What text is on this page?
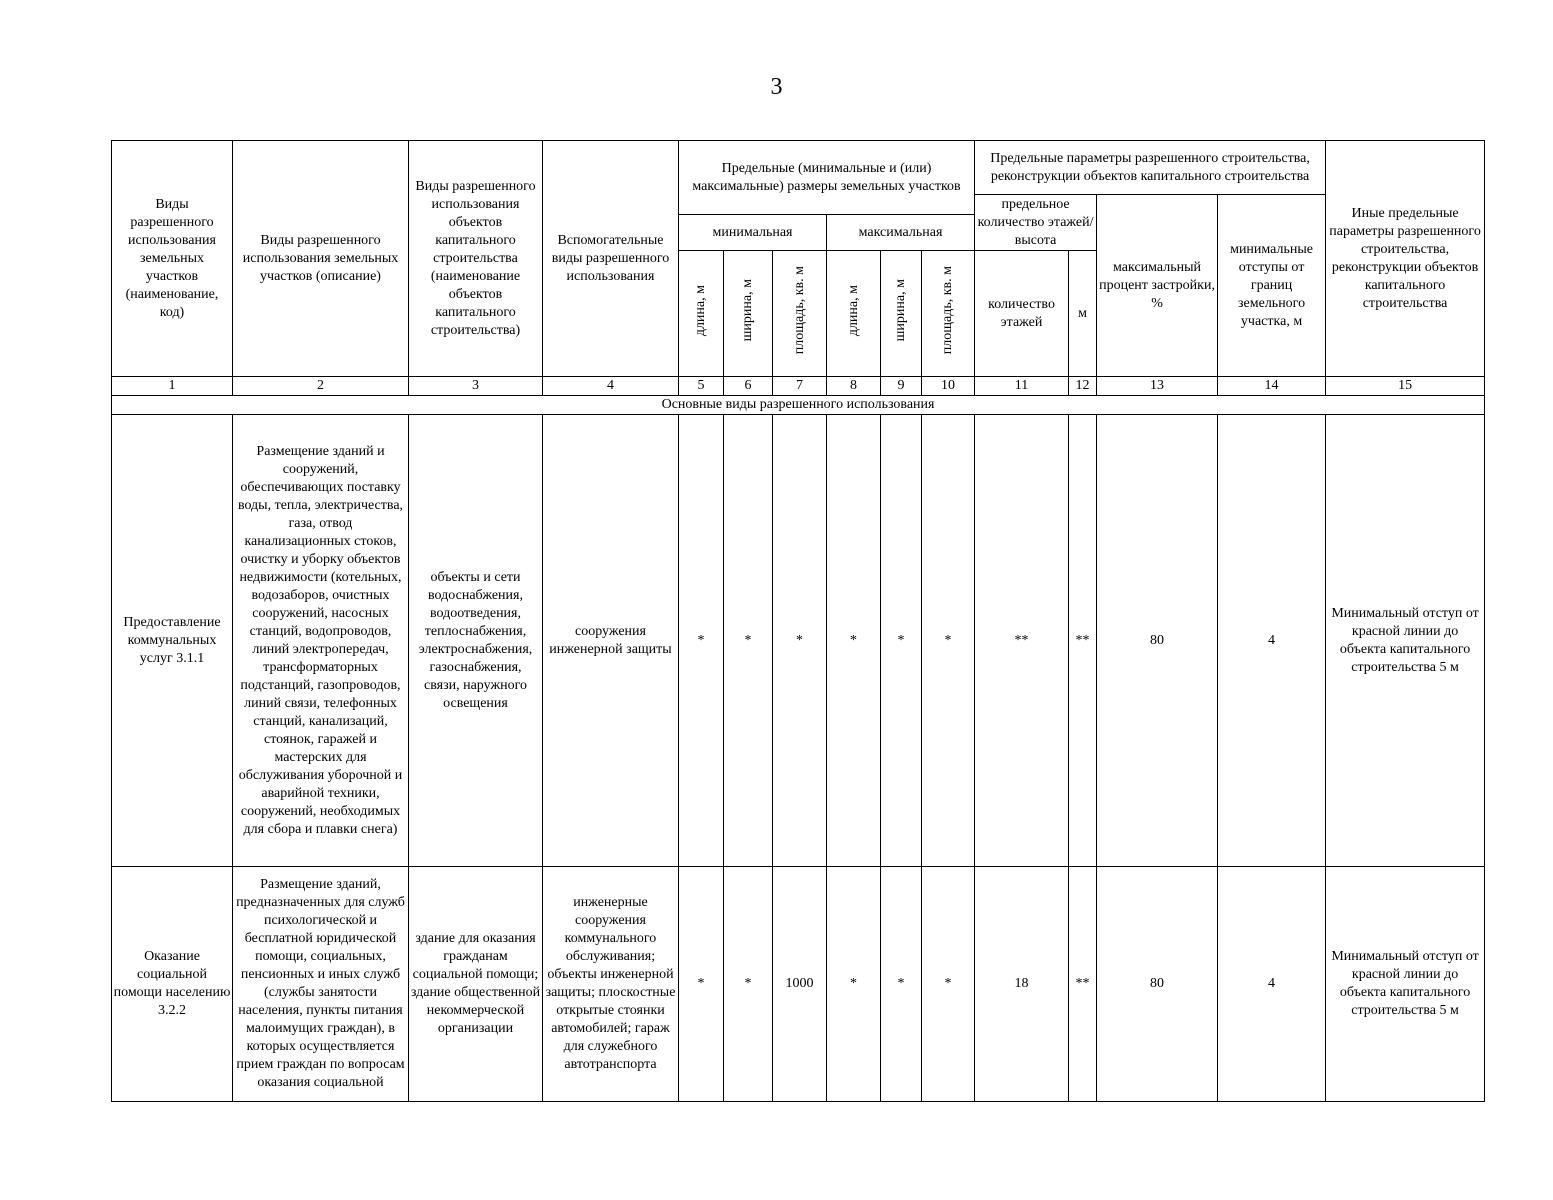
3
Виды разрешенного использования земельных участков (наименование, код)	Виды разрешенного использования земельных участков (описание)	Виды разрешенного использования объектов капитального строительства (наименование объектов капитального строительства)	Вспомогательные виды разрешенного использования	Предельные (минимальные и (или) максимальные) размеры земельных участков						Предельные параметры разрешенного строительства, реконструкции объектов капитального строительства				Иные предельные параметры разрешенного строительства, реконструкции объектов капитального строительства
										предельное количество этажей/высота		максимальный процент застройки, %	минимальные отступы от границ земельного участка, м	
				минимальная			максимальная							
				длина, м	ширина, м	площадь, кв. м	длина, м	ширина, м	площадь, кв. м	количество этажей	м			
1	2	3	4	5	6	7	8	9	10	11	12	13	14	15
Основные виды разрешенного использования														
Предоставление коммунальных услуг 3.1.1	Размещение зданий и сооружений, обеспечивающих поставку воды, тепла, электричества, газа, отвод канализационных стоков, очистку и уборку объектов недвижимости (котельных, водозаборов, очистных сооружений, насосных станций, водопроводов, линий электропередач, трансформаторных подстанций, газопроводов, линий связи, телефонных станций, канализаций, стоянок, гаражей и мастерских для обслуживания уборочной и аварийной техники, сооружений, необходимых для сбора и плавки снега)	объекты и сети водоснабжения, водоотведения, теплоснабжения, электроснабжения, газоснабжения, связи, наружного освещения	сооружения инженерной защиты	*	*	*	*	*	*	**	**	80	4	Минимальный отступ от красной линии до объекта капитального строительства 5 м
Оказание социальной помощи населению 3.2.2	Размещение зданий, предназначенных для служб психологической и бесплатной юридической помощи, социальных, пенсионных и иных служб (службы занятости населения, пункты питания малоимущих граждан), в которых осуществляется прием граждан по вопросам оказания социальной	здание для оказания гражданам социальной помощи; здание общественной некоммерческой организации	инженерные сооружения коммунального обслуживания; объекты инженерной защиты; плоскостные открытые стоянки автомобилей; гараж для служебного автотранспорта	*	*	1000	*	*	*	18	**	80	4	Минимальный отступ от красной линии до объекта капитального строительства 5 м
